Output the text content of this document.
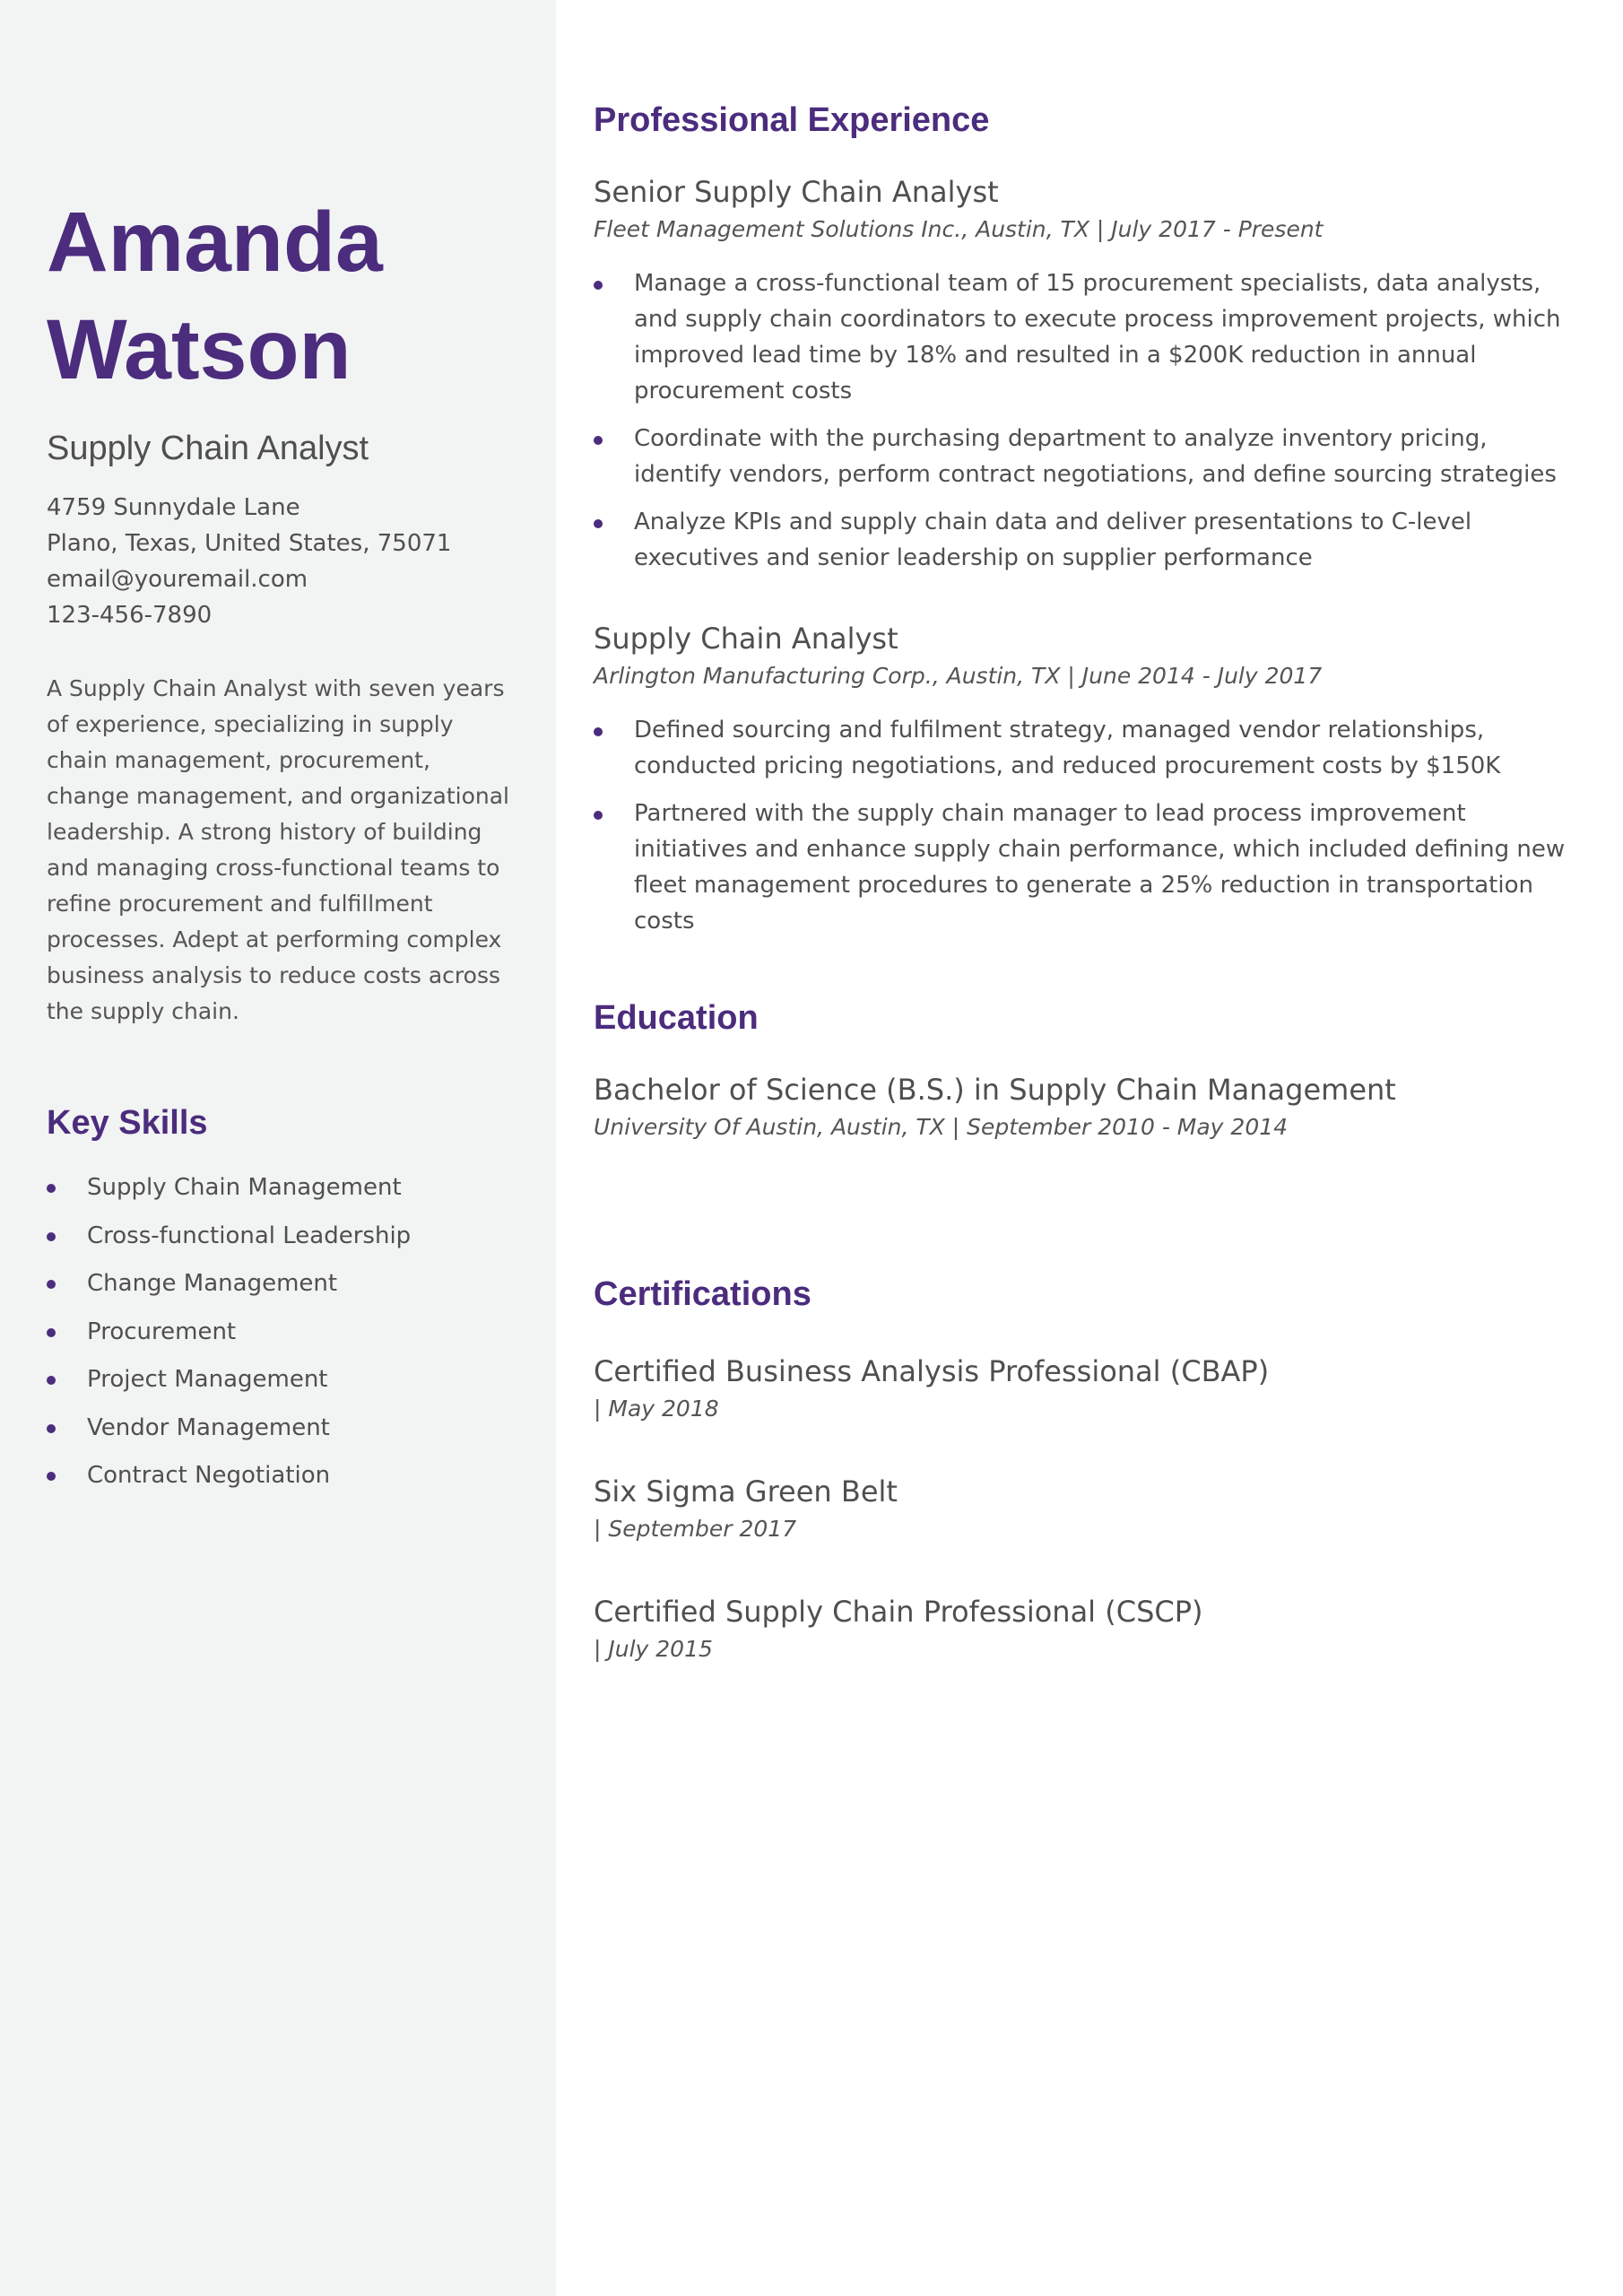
Amanda
Watson
Supply Chain Analyst
4759 Sunnydale Lane
Plano, Texas, United States, 75071
email@youremail.com
123-456-7890

A Supply Chain Analyst with seven years of experience, specializing in supply chain management, procurement, change management, and organizational leadership. A strong history of building and managing cross-functional teams to refine procurement and fulfillment processes. Adept at performing complex business analysis to reduce costs across the supply chain.

Key Skills
Supply Chain Management
Cross-functional Leadership
Change Management
Procurement
Project Management
Vendor Management
Contract Negotiation
Professional Experience
Senior Supply Chain Analyst
Fleet Management Solutions Inc., Austin, TX | July 2017 - Present
Manage a cross-functional team of 15 procurement specialists, data analysts, and supply chain coordinators to execute process improvement projects, which improved lead time by 18% and resulted in a $200K reduction in annual procurement costs
Coordinate with the purchasing department to analyze inventory pricing, identify vendors, perform contract negotiations, and define sourcing strategies
Analyze KPIs and supply chain data and deliver presentations to C-level executives and senior leadership on supplier performance
Supply Chain Analyst
Arlington Manufacturing Corp., Austin, TX | June 2014 - July 2017
Defined sourcing and fulfilment strategy, managed vendor relationships, conducted pricing negotiations, and reduced procurement costs by $150K
Partnered with the supply chain manager to lead process improvement initiatives and enhance supply chain performance, which included defining new fleet management procedures to generate a 25% reduction in transportation costs
Education
Bachelor of Science (B.S.) in Supply Chain Management
University Of Austin, Austin, TX | September 2010 - May 2014
Certifications
Certified Business Analysis Professional (CBAP)
| May 2018
Six Sigma Green Belt
| September 2017
Certified Supply Chain Professional (CSCP)
| July 2015
